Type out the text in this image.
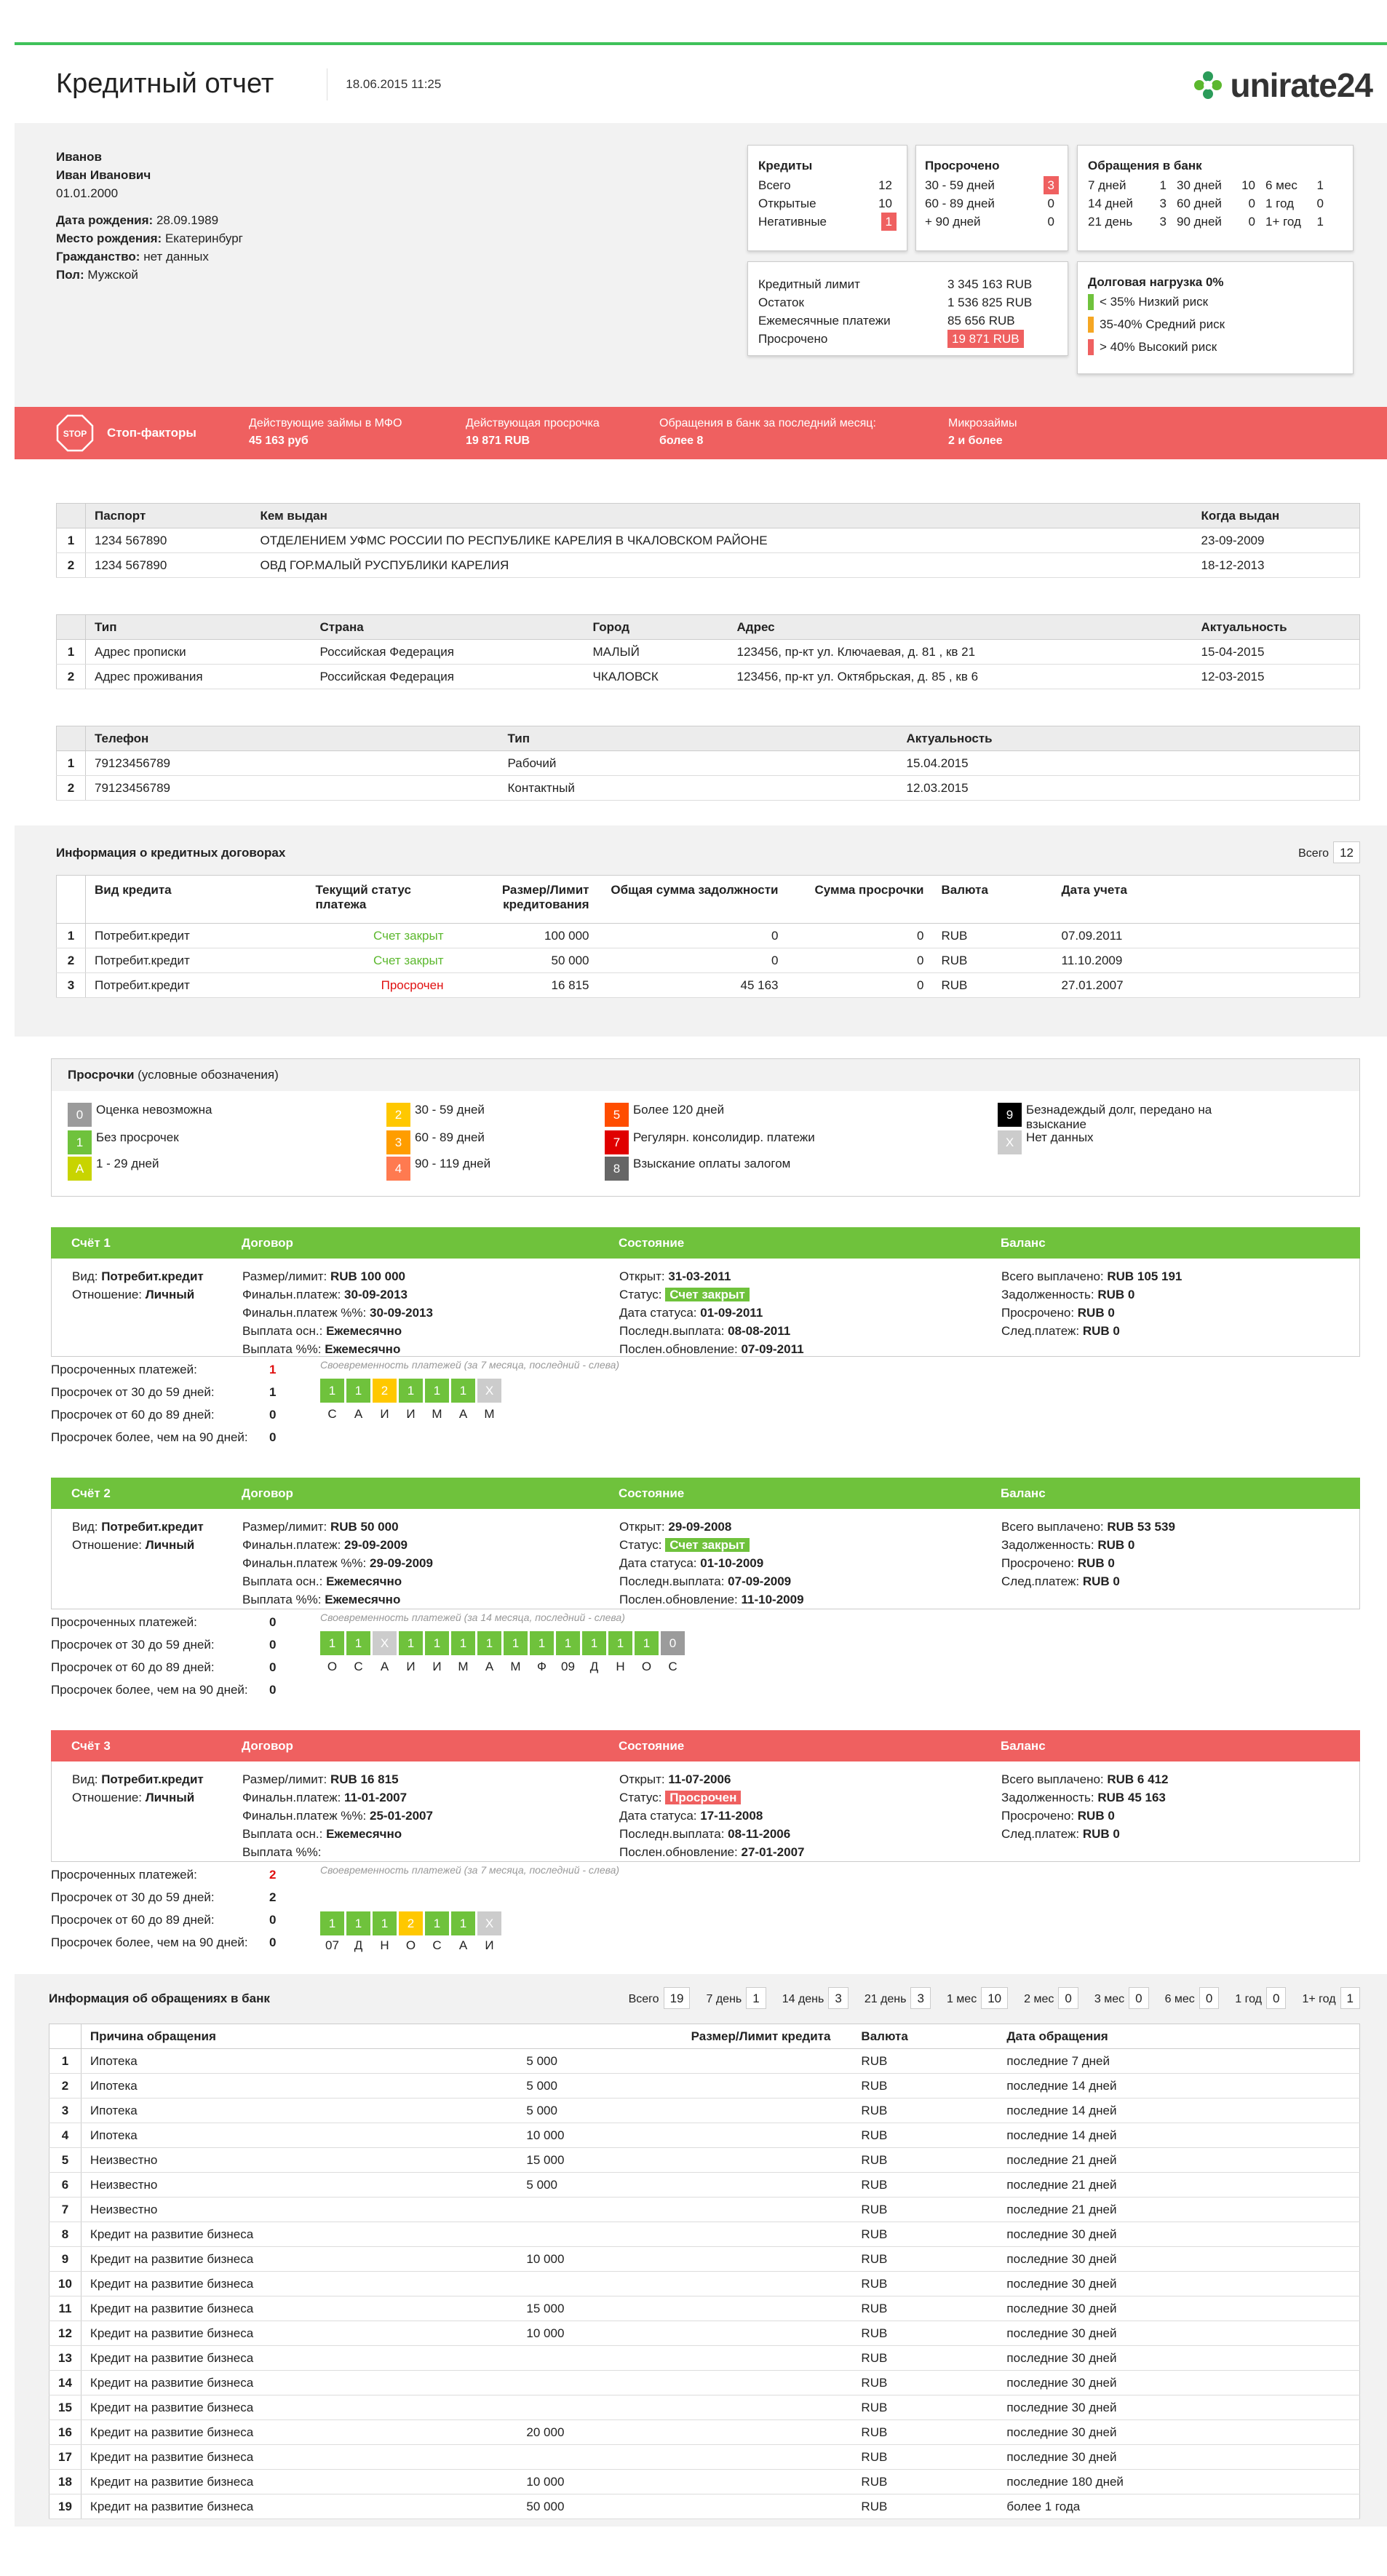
Кредитный отчет	18.06.2015 11:25	unirate24
Иванов
Иван Иванович
01.01.2000
Дата рождения: 28.09.1989
Место рождения: Екатеринбург
Гражданство: нет данных
Пол: Мужской
Кредиты
Всего	12
Открытые	10
Негативные	1
Просрочено
30 - 59 дней	3
60 - 89 дней	0
+ 90 дней	0
Обращения в банк
7 дней	1 30 дней 10 6 мес 1
14 дней 3 60 дней 0 1 год 0
21 день 3 90 дней 0 1+ год 1
Кредитный лимит	3 345 163 RUB
Остаток	1 536 825 RUB
Ежемесячные платежи	85 656 RUB
Просрочено	19 871 RUB
Долговая нагрузка 0%
< 35% Низкий риск
35-40% Средний риск
> 40% Высокий риск
STOP Стоп-факторы
Действующие займы в МФО
45 163 руб
Действующая просрочка
19 871 RUB
Обращения в банк за последний месяц:
более 8
Микрозаймы
2 и более
	Паспорт	Кем выдан	Когда выдан
1	1234 567890	ОТДЕЛЕНИЕМ УФМС РОССИИ ПО РЕСПУБЛИКЕ КАРЕЛИЯ В ЧКАЛОВСКОМ РАЙОНЕ	23-09-2009
2	1234 567890	ОВД ГОР.МАЛЫЙ РУСПУБЛИКИ КАРЕЛИЯ	18-12-2013
	Тип	Страна	Город	Адрес	Актуальность
1	Адрес прописки	Российская Федерация	МАЛЫЙ	123456, пр-кт ул. Ключаевая, д. 81 , кв 21	15-04-2015
2	Адрес проживания	Российская Федерация	ЧКАЛОВСК	123456, пр-кт ул. Октябрьская, д. 85 , кв 6	12-03-2015
	Телефон	Тип	Актуальность
1	79123456789	Рабочий	15.04.2015
2	79123456789	Контактный	12.03.2015
Информация о кредитных договорах	Всего 12
	Вид кредита	Текущий статус платежа	Размер/Лимит кредитования	Общая сумма задолжности	Сумма просрочки	Валюта	Дата учета
1	Потребит.кредит	Счет закрыт	100 000	0	0	RUB	07.09.2011
2	Потребит.кредит	Счет закрыт	50 000	0	0	RUB	11.10.2009
3	Потребит.кредит	Просрочен	16 815	45 163	0	RUB	27.01.2007
Просрочки (условные обозначения)
0	Оценка невозможна
1	Без просрочек
A 1 - 29 дней
2	30 - 59 дней
3	60 - 89 дней
4	90 - 119 дней
5	Более 120 дней
7	Регулярн. консолидир. платежи
8	Взыскание оплаты залогом
9	Безнадеждый долг, передано на взыскание
X Нет данных
Счёт 1	Договор	Состояние	Баланс
Вид: Потребит.кредит
Отношение: Личный
Размер/лимит: RUB 100 000
Финальн.платеж: 30-09-2013
Финальн.платеж %%: 30-09-2013
Выплата осн.: Ежемесячно
Выплата %%: Ежемесячно
Открыт: 31-03-2011
Статус: Счет закрыт
Дата статуса: 01-09-2011
Последн.выплата: 08-08-2011
Послен.обновление: 07-09-2011
Всего выплачено: RUB 105 191
Задолженность: RUB 0
Просрочено: RUB 0
След.платеж: RUB 0
Просроченных платежей:	1
Просрочек от 30 до 59 дней:	1
Просрочек от 60 до 89 дней:	0
Просрочек более, чем на 90 дней: 0
Своевременность платежей (за 7 месяца, последний - слева)
1 1 2 1 1 1 X
С А И И М А М
Счёт 2	Договор	Состояние	Баланс
Вид: Потребит.кредит
Отношение: Личный
Размер/лимит: RUB 50 000
Финальн.платеж: 29-09-2009
Финальн.платеж %%: 29-09-2009
Выплата осн.: Ежемесячно
Выплата %%: Ежемесячно
Открыт: 29-09-2008
Статус: Счет закрыт
Дата статуса: 01-10-2009
Последн.выплата: 07-09-2009
Послен.обновление: 11-10-2009
Всего выплачено: RUB 53 539
Задолженность: RUB 0
Просрочено: RUB 0
След.платеж: RUB 0
Просроченных платежей:	0
Просрочек от 30 до 59 дней:	0
Просрочек от 60 до 89 дней:	0
Просрочек более, чем на 90 дней: 0
Своевременность платежей (за 14 месяца, последний - слева)
1 1 X 1 1 1 1 1 1 1 1 1 1 0
О С А И И М А М Ф 09 Д Н О С
Счёт 3	Договор	Состояние	Баланс
Вид: Потребит.кредит
Отношение: Личный
Размер/лимит: RUB 16 815
Финальн.платеж: 11-01-2007
Финальн.платеж %%: 25-01-2007
Выплата осн.: Ежемесячно
Выплата %%:
Открыт: 11-07-2006
Статус: Просрочен
Дата статуса: 17-11-2008
Последн.выплата: 08-11-2006
Послен.обновление: 27-01-2007
Всего выплачено: RUB 6 412
Задолженность: RUB 45 163
Просрочено: RUB 0
След.платеж: RUB 0
Просроченных платежей:	2
Просрочек от 30 до 59 дней:	2
Просрочек от 60 до 89 дней:	0
Просрочек более, чем на 90 дней: 0
Своевременность платежей (за 7 месяца, последний - слева)
1 1 1 2 1 1 X
07 Д Н О С А И
Информация об обращениях в банк	Всего 19	7 день 1	14 день 3	21 день 3	1 мес 10	2 мес 0	3 мес 0	6 мес 0	1 год 0	1+ год 1
	Причина обращения	Размер/Лимит кредита	Валюта	Дата обращения
1	Ипотека	5 000	RUB	последние 7 дней
2	Ипотека	5 000	RUB	последние 14 дней
3	Ипотека	5 000	RUB	последние 14 дней
4	Ипотека	10 000	RUB	последние 14 дней
5	Неизвестно	15 000	RUB	последние 21 дней
6	Неизвестно	5 000	RUB	последние 21 дней
7	Неизвестно		RUB	последние 21 дней
8	Кредит на развитие бизнеса		RUB	последние 30 дней
9	Кредит на развитие бизнеса	10 000	RUB	последние 30 дней
10	Кредит на развитие бизнеса		RUB	последние 30 дней
11	Кредит на развитие бизнеса	15 000	RUB	последние 30 дней
12	Кредит на развитие бизнеса	10 000	RUB	последние 30 дней
13	Кредит на развитие бизнеса		RUB	последние 30 дней
14	Кредит на развитие бизнеса		RUB	последние 30 дней
15	Кредит на развитие бизнеса		RUB	последние 30 дней
16	Кредит на развитие бизнеса	20 000	RUB	последние 30 дней
17	Кредит на развитие бизнеса		RUB	последние 30 дней
18	Кредит на развитие бизнеса	10 000	RUB	последние 180 дней
19	Кредит на развитие бизнеса	50 000	RUB	более 1 года
